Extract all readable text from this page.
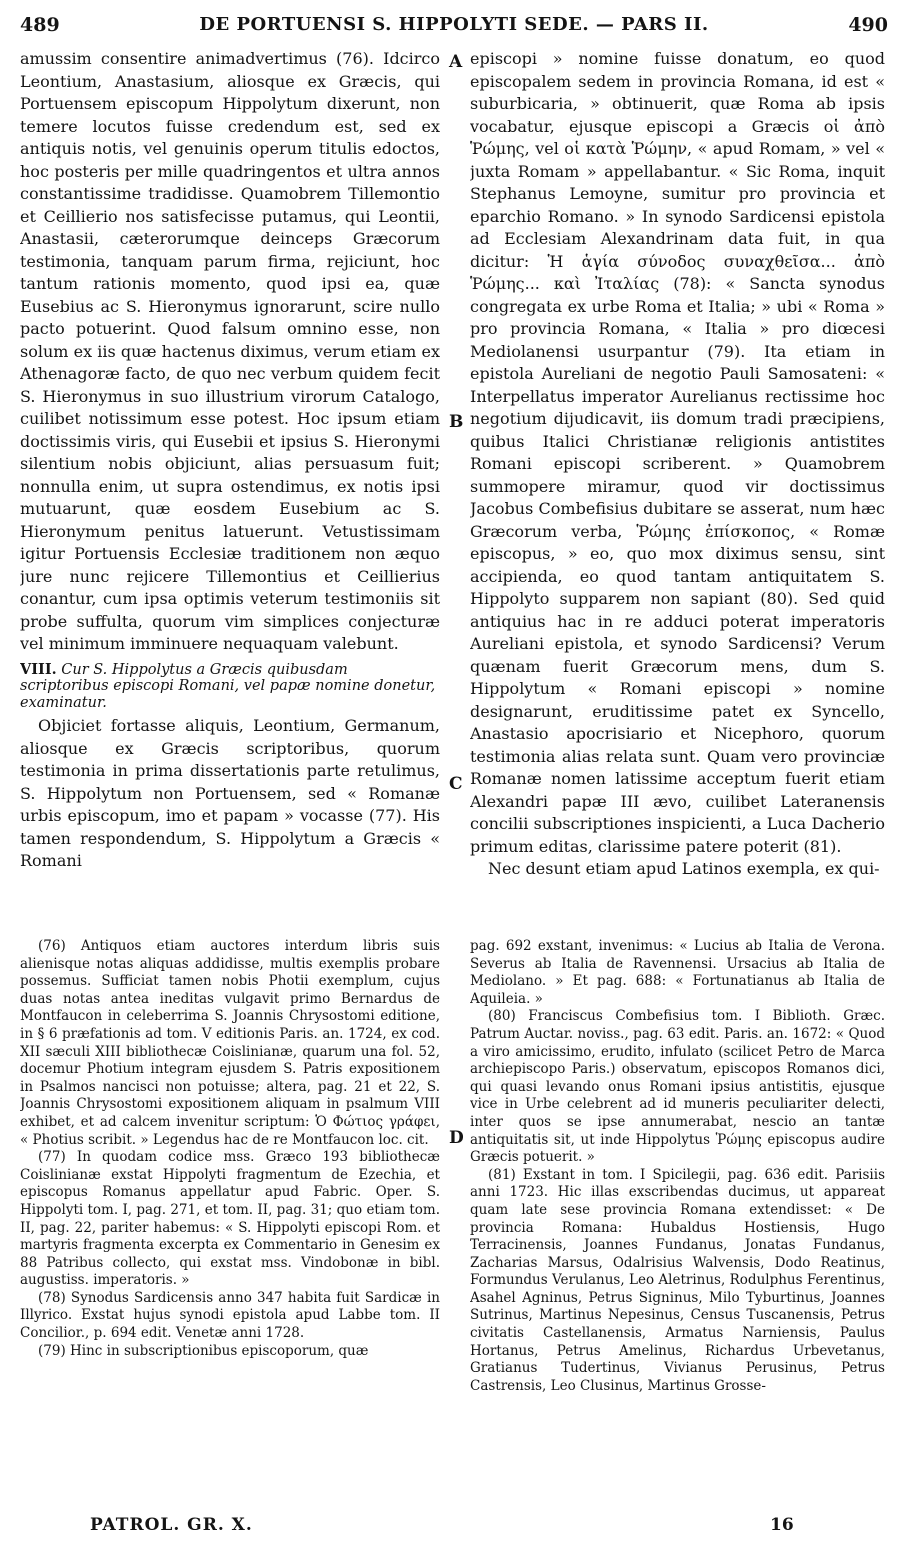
489	DE PORTUENSI S. HIPPOLYTI SEDE. — PARS II.	490

amussim consentire animadvertimus (76). Idcirco Leontium, Anastasium, aliosque ex Græcis, qui Portuensem episcopum Hippolytum dixerunt, non temere locutos fuisse credendum est, sed ex antiquis notis, vel genuinis operum titulis edoctos, hoc posteris per mille quadringentos et ultra annos constantissime tradidisse. Quamobrem Tillemontio et Ceillierio nos satisfecisse putamus, qui Leontii, Anastasii, cæterorumque deinceps Græcorum testimonia, tanquam parum firma, rejiciunt, hoc tantum rationis momento, quod ipsi ea, quæ Eusebius ac S. Hieronymus ignorarunt, scire nullo pacto potuerint. Quod falsum omnino esse, non solum ex iis quæ hactenus diximus, verum etiam ex Athenagoræ facto, de quo nec verbum quidem fecit S. Hieronymus in suo illustrium virorum Catalogo, cuilibet notissimum esse potest. Hoc ipsum etiam doctissimis viris, qui Eusebii et ipsius S. Hieronymi silentium nobis objiciunt, alias persuasum fuit; nonnulla enim, ut supra ostendimus, ex notis ipsi mutuarunt, quæ eosdem Eusebium ac S. Hieronymum penitus latuerunt. Vetustissimam igitur Portuensis Ecclesiæ traditionem non æquo jure nunc rejicere Tillemontius et Ceillierius conantur, cum ipsa optimis veterum testimoniis sit probe suffulta, quorum vim simplices conjecturæ vel minimum imminuere nequaquam valebunt.

VIII. Cur S. Hippolytus a Græcis quibusdam scriptoribus episcopi Romani, vel papæ nomine donetur, examinatur.

Objiciet fortasse aliquis, Leontium, Germanum, aliosque ex Græcis scriptoribus, quorum testimonia in prima dissertationis parte retulimus, S. Hippolytum non Portuensem, sed « Romanæ urbis episcopum, imo et papam » vocasse (77). His tamen respondendum, S. Hippolytum a Græcis « Romani

episcopi » nomine fuisse donatum, eo quod episcopalem sedem in provincia Romana, id est « suburbicaria, » obtinuerit, quæ Roma ab ipsis vocabatur, ejusque episcopi a Græcis οἱ ἀπὸ Ῥώμης, vel οἱ κατὰ Ῥώμην, « apud Romam, » vel « juxta Romam » appellabantur. « Sic Roma, inquit Stephanus Lemoyne, sumitur pro provincia et eparchio Romano. » In synodo Sardicensi epistola ad Ecclesiam Alexandrinam data fuit, in qua dicitur: Ἡ ἁγία σύνοδος συναχθεῖσα... ἀπὸ Ῥώμης... καὶ Ἰταλίας (78): « Sancta synodus congregata ex urbe Roma et Italia; » ubi « Roma » pro provincia Romana, « Italia » pro diœcesi Mediolanensi usurpantur (79). Ita etiam in epistola Aureliani de negotio Pauli Samosateni: « Interpellatus imperator Aurelianus rectissime hoc negotium dijudicavit, iis domum tradi præcipiens, quibus Italici Christianæ religionis antistites Romani episcopi scriberent. » Quamobrem summopere miramur, quod vir doctissimus Jacobus Combefisius dubitare se asserat, num hæc Græcorum verba, Ῥώμης ἐπίσκοπος, « Romæ episcopus, » eo, quo mox diximus sensu, sint accipienda, eo quod tantam antiquitatem S. Hippolyto supparem non sapiant (80). Sed quid antiquius hac in re adduci poterat imperatoris Aureliani epistola, et synodo Sardicensi? Verum quænam fuerit Græcorum mens, dum S. Hippolytum « Romani episcopi » nomine designarunt, eruditissime patet ex Syncello, Anastasio apocrisiario et Nicephoro, quorum testimonia alias relata sunt. Quam vero provinciæ Romanæ nomen latissime acceptum fuerit etiam Alexandri papæ III ævo, cuilibet Lateranensis concilii subscriptiones inspicienti, a Luca Dacherio primum editas, clarissime patere poterit (81).

Nec desunt etiam apud Latinos exempla, ex qui-

A
B
C
D

(76) Antiquos etiam auctores interdum libris suis alienisque notas aliquas addidisse, multis exemplis probare possemus. Sufficiat tamen nobis Photii exemplum, cujus duas notas antea ineditas vulgavit primo Bernardus de Montfaucon in celeberrima S. Joannis Chrysostomi editione, in § 6 præfationis ad tom. V editionis Paris. an. 1724, ex cod. XII sæculi XIII bibliothecæ Coislinianæ, quarum una fol. 52, docemur Photium integram ejusdem S. Patris expositionem in Psalmos nancisci non potuisse; altera, pag. 21 et 22, S. Joannis Chrysostomi expositionem aliquam in psalmum VIII exhibet, et ad calcem invenitur scriptum: Ὁ Φώτιος γράφει, « Photius scribit. » Legendus hac de re Montfaucon loc. cit.

(77) In quodam codice mss. Græco 193 bibliothecæ Coislinianæ exstat Hippolyti fragmentum de Ezechia, et episcopus Romanus appellatur apud Fabric. Oper. S. Hippolyti tom. I, pag. 271, et tom. II, pag. 31; quo etiam tom. II, pag. 22, pariter habemus: « S. Hippolyti episcopi Rom. et martyris fragmenta excerpta ex Commentario in Genesim ex 88 Patribus collecto, qui exstat mss. Vindobonæ in bibl. augustiss. imperatoris. »

(78) Synodus Sardicensis anno 347 habita fuit Sardicæ in Illyrico. Exstat hujus synodi epistola apud Labbe tom. II Concilior., p. 694 edit. Venetæ anni 1728.

(79) Hinc in subscriptionibus episcoporum, quæ

pag. 692 exstant, invenimus: « Lucius ab Italia de Verona. Severus ab Italia de Ravennensi. Ursacius ab Italia de Mediolano. » Et pag. 688: « Fortunatianus ab Italia de Aquileia. »

(80) Franciscus Combefisius tom. I Biblioth. Græc. Patrum Auctar. noviss., pag. 63 edit. Paris. an. 1672: « Quod a viro amicissimo, erudito, infulato (scilicet Petro de Marca archiepiscopo Paris.) observatum, episcopos Romanos dici, qui quasi levando onus Romani ipsius antistitis, ejusque vice in Urbe celebrent ad id muneris peculiariter delecti, inter quos se ipse annumerabat, nescio an tantæ antiquitatis sit, ut inde Hippolytus Ῥώμης episcopus audire Græcis potuerit. »

(81) Exstant in tom. I Spicilegii, pag. 636 edit. Parisiis anni 1723. Hic illas exscribendas ducimus, ut appareat quam late sese provincia Romana extendisset: « De provincia Romana: Hubaldus Hostiensis, Hugo Terracinensis, Joannes Fundanus, Jonatas Fundanus, Zacharias Marsus, Odalrisius Walvensis, Dodo Reatinus, Formundus Verulanus, Leo Aletrinus, Rodulphus Ferentinus, Asahel Agninus, Petrus Signinus, Milo Tyburtinus, Joannes Sutrinus, Martinus Nepesinus, Census Tuscanensis, Petrus civitatis Castellanensis, Armatus Narniensis, Paulus Hortanus, Petrus Amelinus, Richardus Urbevetanus, Gratianus Tudertinus, Vivianus Perusinus, Petrus Castrensis, Leo Clusinus, Martinus Grosse-

PATROL. GR. X.	16
